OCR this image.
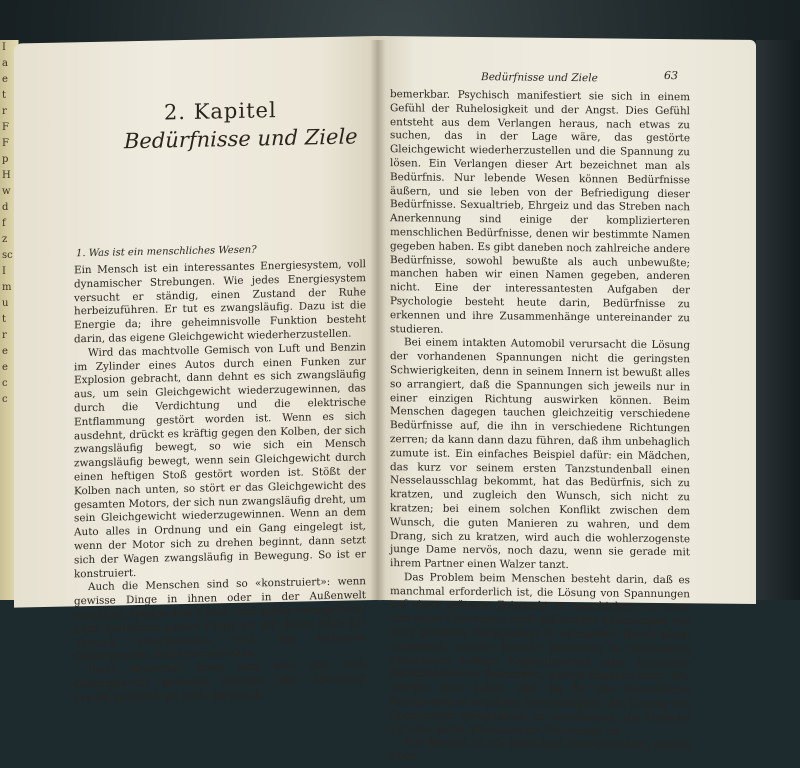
I
a
e
t
r
F
F
p
H
w
d
f
z
sc
I
m
u
t
r
e
e
c
c
2. Kapitel
Bedürfnisse und Ziele
1. Was ist ein menschliches Wesen?

Ein Mensch ist ein interessantes Energiesystem, voll dynamischer Strebungen. Wie jedes Energiesystem versucht er ständig, einen Zustand der Ruhe herbeizuführen. Er tut es zwangsläufig. Dazu ist die Energie da; ihre geheimnisvolle Funktion besteht darin, das eigene Gleichgewicht wiederherzustellen.

Wird das machtvolle Gemisch von Luft und Benzin im Zylinder eines Autos durch einen Funken zur Explosion gebracht, dann dehnt es sich zwangsläufig aus, um sein Gleichgewicht wiederzugewinnen, das durch die Verdichtung und die elektrische Entflammung gestört worden ist. Wenn es sich ausdehnt, drückt es kräftig gegen den Kolben, der sich zwangsläufig bewegt, so wie sich ein Mensch zwangsläufig bewegt, wenn sein Gleichgewicht durch einen heftigen Stoß gestört worden ist. Stößt der Kolben nach unten, so stört er das Gleichgewicht des gesamten Motors, der sich nun zwangsläufig dreht, um sein Gleichgewicht wiederzugewinnen. Wenn an dem Auto alles in Ordnung und ein Gang eingelegt ist, wenn der Motor sich zu drehen beginnt, dann setzt sich der Wagen zwangsläufig in Bewegung. So ist er konstruiert.

Auch die Menschen sind so «konstruiert»: wenn gewisse Dinge in ihnen oder in der Außenwelt vorgehen, spielen sich früher oder später zwangsläufig auch bestimmte andere Dinge ab, mit deren Hilfe der Versuch unternommen wird, das verlorene Gleichgewicht wiederherzustellen.

Beim Menschen kann sich eine aus dem Gleichgewicht geratene Energie oder Spannung sowohl physisch als auch psychisch

Bedürfnisse und Ziele	63

bemerkbar. Psychisch manifestiert sie sich in einem Gefühl der Ruhelosigkeit und der Angst. Dies Gefühl entsteht aus dem Verlangen heraus, nach etwas zu suchen, das in der Lage wäre, das gestörte Gleichgewicht wiederherzustellen und die Spannung zu lösen. Ein Verlangen dieser Art bezeichnet man als Bedürfnis. Nur lebende Wesen können Bedürfnisse äußern, und sie leben von der Befriedigung dieser Bedürfnisse. Sexualtrieb, Ehrgeiz und das Streben nach Anerkennung sind einige der komplizierteren menschlichen Bedürfnisse, denen wir bestimmte Namen gegeben haben. Es gibt daneben noch zahlreiche andere Bedürfnisse, sowohl bewußte als auch unbewußte; manchen haben wir einen Namen gegeben, anderen nicht. Eine der interessantesten Aufgaben der Psychologie besteht heute darin, Bedürfnisse zu erkennen und ihre Zusammenhänge untereinander zu studieren.

Bei einem intakten Automobil verursacht die Lösung der vorhandenen Spannungen nicht die geringsten Schwierigkeiten, denn in seinem Innern ist bewußt alles so arrangiert, daß die Spannungen sich jeweils nur in einer einzigen Richtung auswirken können. Beim Menschen dagegen tauchen gleichzeitig verschiedene Bedürfnisse auf, die ihn in verschiedene Richtungen zerren; da kann dann dazu führen, daß ihm unbehaglich zumute ist. Ein einfaches Beispiel dafür: ein Mädchen, das kurz vor seinem ersten Tanzstundenball einen Nesselausschlag bekommt, hat das Bedürfnis, sich zu kratzen, und zugleich den Wunsch, sich nicht zu kratzen; bei einem solchen Konflikt zwischen dem Wunsch, die guten Manieren zu wahren, und dem Drang, sich zu kratzen, wird auch die wohlerzogenste junge Dame nervös, noch dazu, wenn sie gerade mit ihrem Partner einen Walzer tanzt.

Das Problem beim Menschen besteht darin, daß es manchmal erforderlich ist, die Lösung von Spannungen auf einen späteren Zeitpunkt zu verschieben, um neue und unter Umständen noch quälendere Spannungen wie etwa peinliche Verlegenheit zu vermeiden. Damit hängt zusammen, warum manche Menschen in bestimmten Situationen heftige Kopfschmerzen oder stechende Bauchschmerzen bekommen, andere dagegen nicht. Wir werden noch sehen, daß die für das menschliche Energiesystem ergebene Notwendigkeit, die Lösung von Spannungen gelegentlich zu verschieben, die Ursache für eine Reihe interessanter Phänomene ist.

Der Mensch ist ein lebendiges Energiesystem, dessen Span-
